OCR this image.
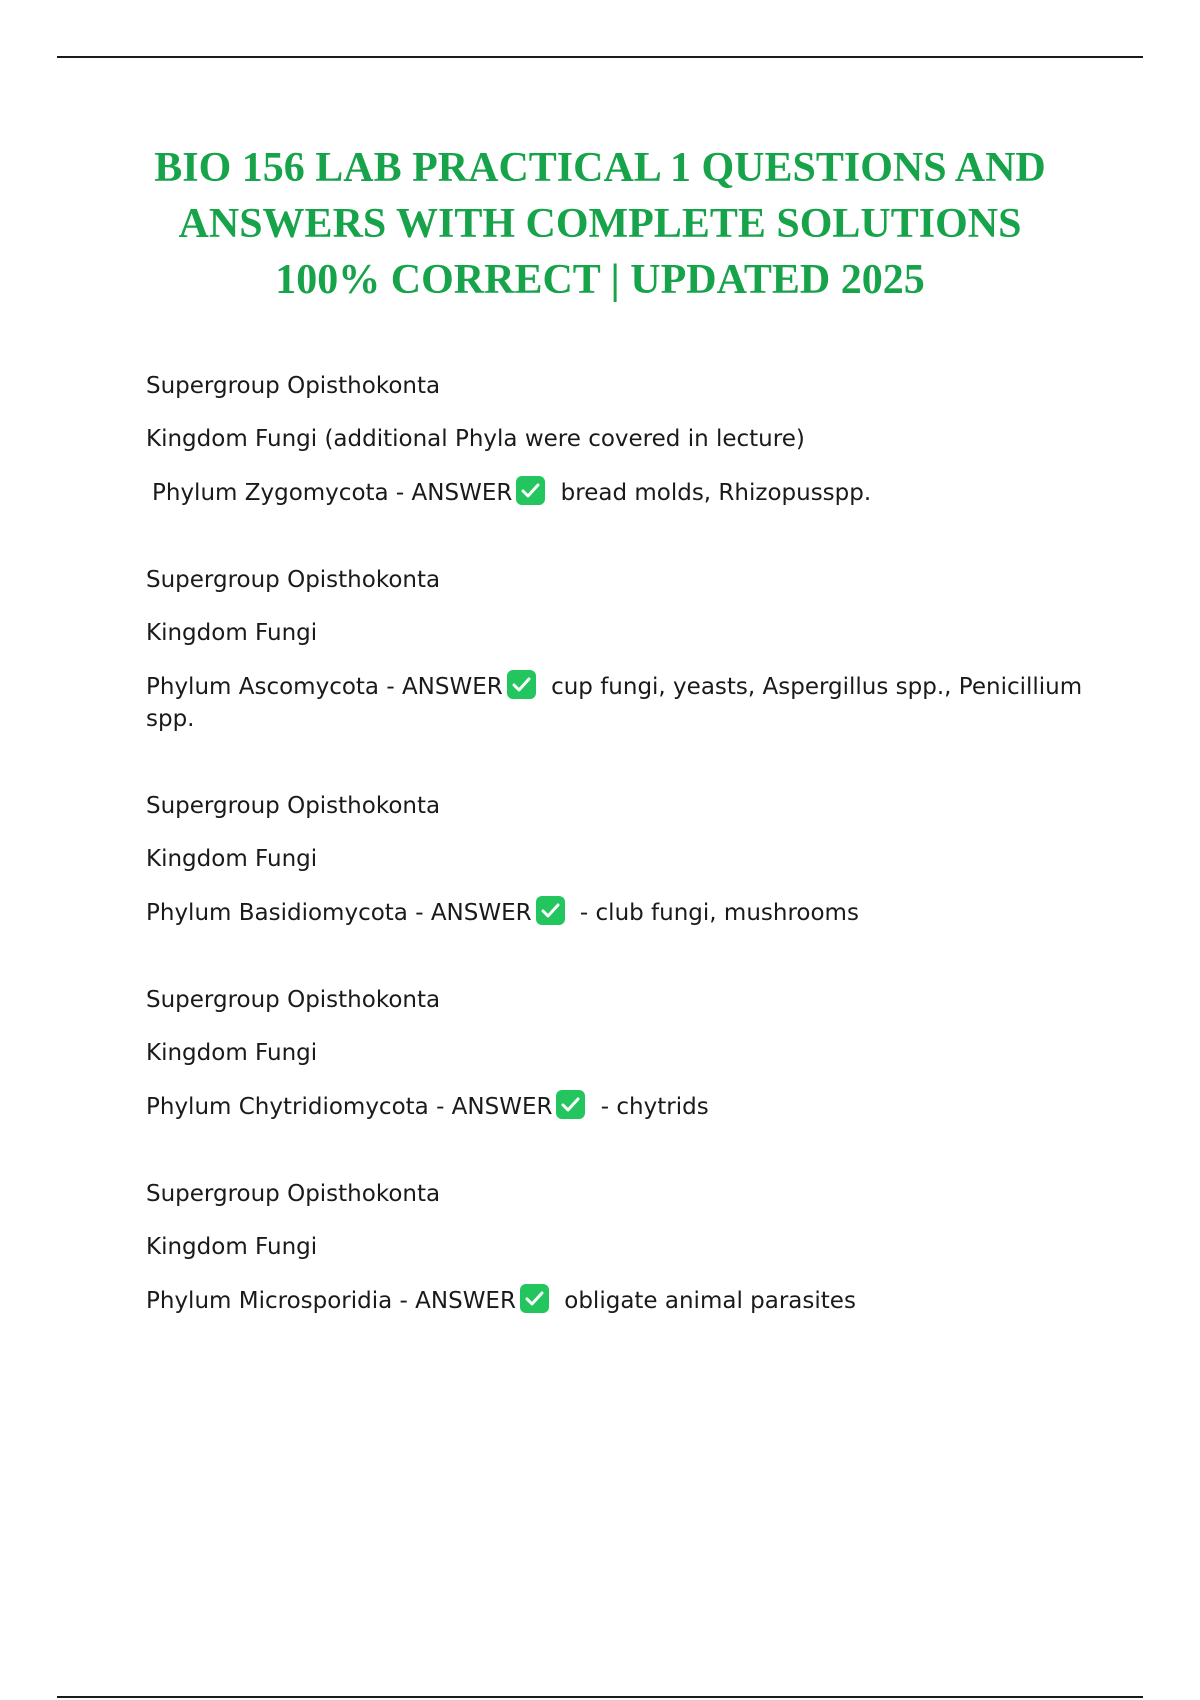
BIO 156 LAB PRACTICAL 1 QUESTIONS AND
ANSWERS WITH COMPLETE SOLUTIONS
100% CORRECT | UPDATED 2025

Supergroup Opisthokonta

Kingdom Fungi (additional Phyla were covered in lecture)

Phylum Zygomycota - ANSWER bread molds, Rhizopusspp.

Supergroup Opisthokonta

Kingdom Fungi

Phylum Ascomycota - ANSWER cup fungi, yeasts, Aspergillus spp., Penicillium spp.

Supergroup Opisthokonta

Kingdom Fungi

Phylum Basidiomycota - ANSWER - club fungi, mushrooms

Supergroup Opisthokonta

Kingdom Fungi

Phylum Chytridiomycota - ANSWER - chytrids

Supergroup Opisthokonta

Kingdom Fungi

Phylum Microsporidia - ANSWER obligate animal parasites
